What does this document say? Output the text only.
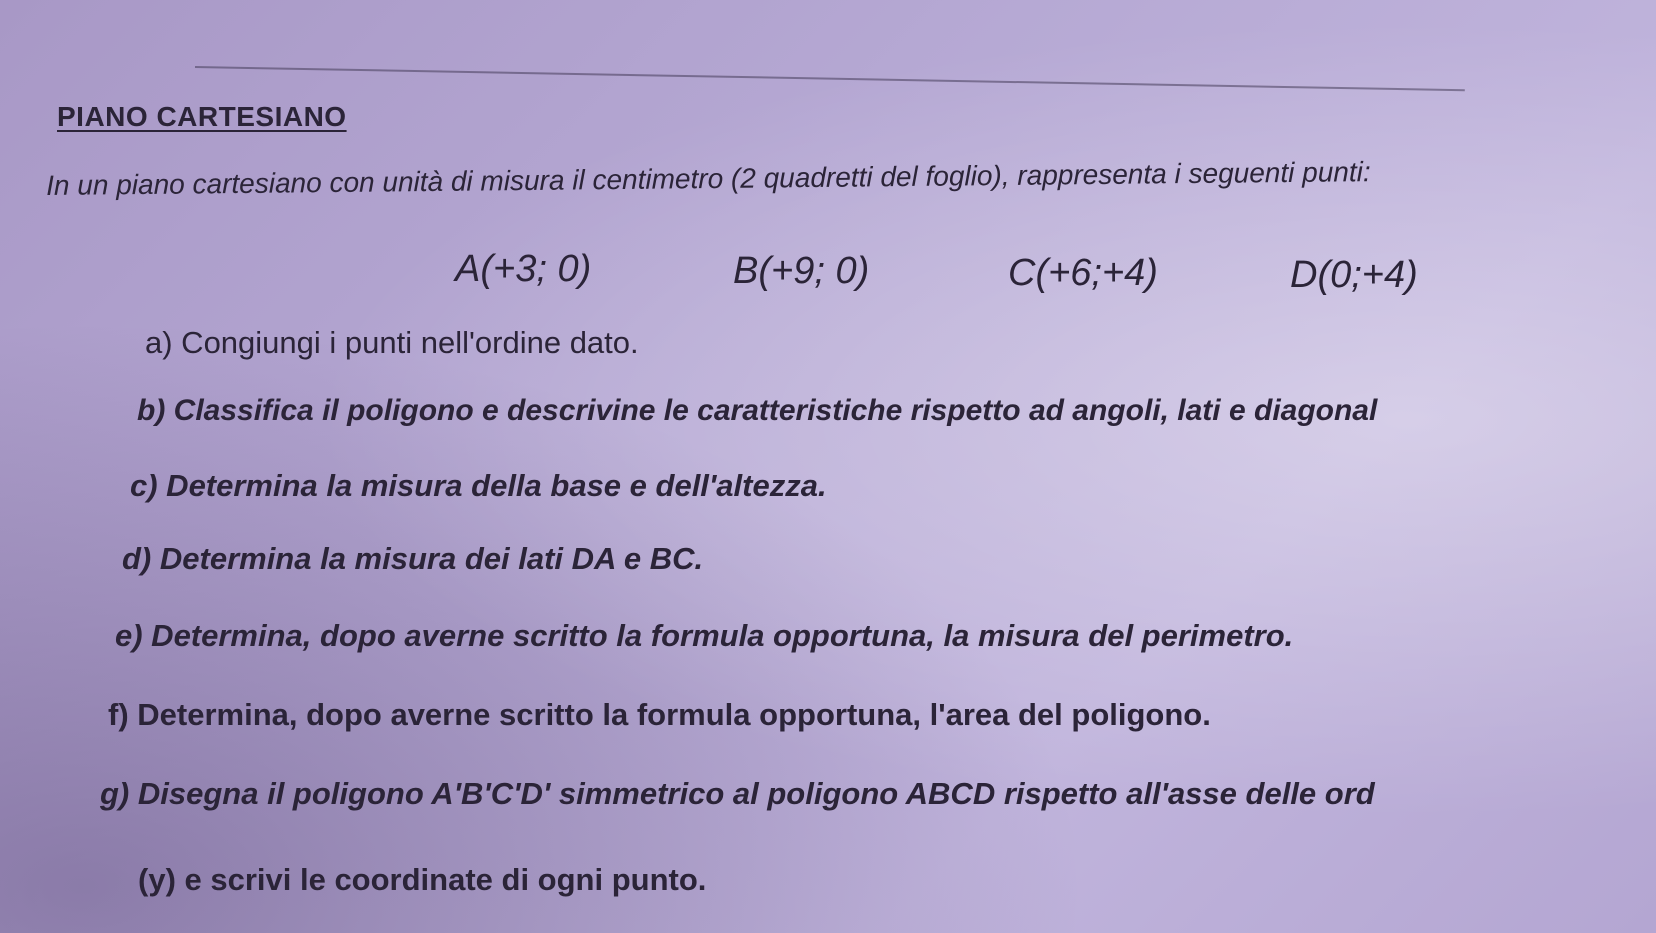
PIANO CARTESIANO
In un piano cartesiano con unità di misura il centimetro (2 quadretti del foglio), rappresenta i seguenti punti:
A(+3; 0)	B(+9; 0)	C(+6;+4)	D(0;+4)
a) Congiungi i punti nell'ordine dato.
b) Classifica il poligono e descrivine le caratteristiche rispetto ad angoli, lati e diagonal
c) Determina la misura della base e dell'altezza.
d) Determina la misura dei lati DA e BC.
e) Determina, dopo averne scritto la formula opportuna, la misura del perimetro.
f) Determina, dopo averne scritto la formula opportuna, l'area del poligono.
g) Disegna il poligono A'B'C'D' simmetrico al poligono ABCD rispetto all'asse delle ord
(y) e scrivi le coordinate di ogni punto.
